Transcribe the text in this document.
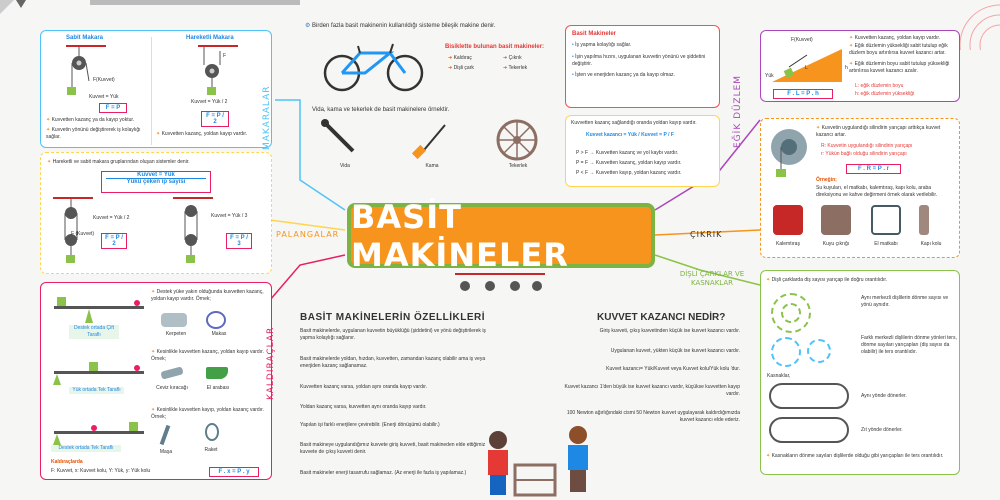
Sabit Makara	Hareketli Makara
F(Kuvvet)
Kuvvet = Yük
F = P
✦ Kuvvetten kazanç ya da kayıp yoktur.
✦ Kuvvetin yönünü değiştirerek iş kolaylığı sağlar.
F
Kuvvet = Yük / 2
F = P / 2
✦ Kuvvetten kazanç, yoldan kayıp vardır.	MAKARALAR
✦ Hareketli ve sabit makara gruplarından oluşan sistemler denir.
Kuvvet = Yük
Yükü çeken ip sayısı
F (Kuvvet)
Kuvvet = Yük / 2
F = P / 2
Kuvvet = Yük / 3
F = P / 3
PALANGALAR
Destek ortada Çift Taraflı
✦ Destek yüke yakın olduğunda kuvvetten kazanç, yoldan kayıp vardır. Örnek;
Kerpeten	Makas
Yük ortada Tek Taraflı
✦ Kesinlikle kuvvetten kazanç, yoldan kayıp vardır. Örnek;
Ceviz kıracağı	El arabası
Destek ortada Tek Taraflı
✦ Kesinlikle kuvvetten kayıp, yoldan kazanç vardır. Örnek;
Maşa	Raket
Kaldıraçlarda
F: Kuvvet, x: Kuvvet kolu, Y: Yük, y: Yük kolu	F . x = P . y
KALDIRAÇLAR
⚙ Birden fazla basit makinenin kullanıldığı sisteme bileşik makine denir.
Bisiklette bulunan basit makineler:
➜ Kaldıraç
➜ Dişli çark
➜ Çıkrık
➜ Tekerlek
Vida, kama ve tekerlek de basit makinelere örnektir.
Vida	Kama	Tekerlek
Basit Makineler
• İş yapma kolaylığı sağlar.
• İşin yapılma hızını, uygulanan kuvvetin yönünü ve şiddetini değiştirir.
• İşten ve enerjiden kazanç ya da kayıp olmaz.
Kuvvetten kazanç sağlandığı oranda yoldan kayıp vardır.
Kuvvet kazancı = Yük / Kuvvet = P / F
P > F → Kuvvetten kazanç ve yol kaybı vardır.
P = F → Kuvvetten kazanç, yoldan kayıp vardır.
P < F → Kuvvetten kayıp, yoldan kazanç vardır.
BASİT MAKİNELER
ÇIKRIK
BASİT MAKİNELERİN ÖZELLİKLERİ
Basit makinelerde, uygulanan kuvvetin büyüklüğü (şiddetini) ve yönü değiştirilerek iş yapma kolaylığı sağlanır.
Basit makinelerde yoldan, hızdan, kuvvetten, zamandan kazanç olabilir ama iş veya enerjiden kazanç sağlanamaz.
Kuvvetten kazanç varsa, yoldan aynı oranda kayıp vardır.
Yoldan kazanç varsa, kuvvetten aynı oranda kayıp vardır.
Yapılan işi farklı enerjilere çevirebilir. (Enerji dönüşümü olabilir.)
Basit makineye uygulandığımız kuvvete giriş kuvveti, basit makineden elde ettiğimiz kuvvete de çıkış kuvveti denir.
Basit makineler enerji tasarrufu sağlamaz. (Az enerji ile fazla iş yapılamaz.)
KUVVET KAZANCI NEDİR?
Giriş kuvveti, çıkış kuvvetinden küçük ise kuvvet kazancı vardır.
Uygulanan kuvvet, yükten küçük ise kuvvet kazancı vardır.
Kuvvet kazancı= Yük/Kuvvet veya Kuvvet kolu/Yük kolu 'dur.
Kuvvet kazancı 1'den büyük ise kuvvet kazancı vardır, küçükse kuvvetten kayıp vardır.
100 Newton ağırlığındaki cismi 50 Newton kuvvet uygulayarak kaldırdığımızda kuvvet kazancı elde ederiz.
EĞİK DÜZLEM
F(Kuvvet)
Yük
h
L
F . L = P . h
✦ Kuvvetten kazanç, yoldan kayıp vardır.
✦ Eğik düzlemin yüksekliği sabit tutulup eğik düzlem boyu artırılırsa kuvvet kazancı artar.
✦ Eğik düzlemin boyu sabit tutulup yüksekliği artırılırsa kuvvet kazancı azalır.
L: eğik düzlemin boyu
h: eğik düzlemin yüksekliği
✦ Kuvvetin uygulandığı silindirin yarıçapı arttıkça kuvvet kazancı artar.
R: Kuvvetin uygulandığı silindirin yarıçapı
r: Yükün bağlı olduğu silindirin yarıçapı
F . R = P . r
Örneğin;
Su kuyuları, el matkabı, kalemtıraş, kapı kolu, araba direksiyonu ve kahve değirmeni örnek olarak verilebilir.
Kalemtıraş	Kuyu çıkrığı	El matkabı	Kapı kolu
DİŞLİ ÇARKLAR VE KASNAKLAR	✦ Dişli çarklarda diş sayısı yarıçap ile doğru orantılıdır.
Aynı merkezli dişlilerin dönme sayısı ve yönü aynıdır.
Farklı merkezli dişlilerin dönme yönleri ters, dönme sayıları yarıçapları (diş sayısı da olabilir) ile ters orantılıdır.
Kasnaklar,
Aynı yönde dönerler.
Zıt yönde dönerler.
✦ Kasnakların dönme sayıları dişlilerde olduğu gibi yarıçapları ile ters orantılıdır.
